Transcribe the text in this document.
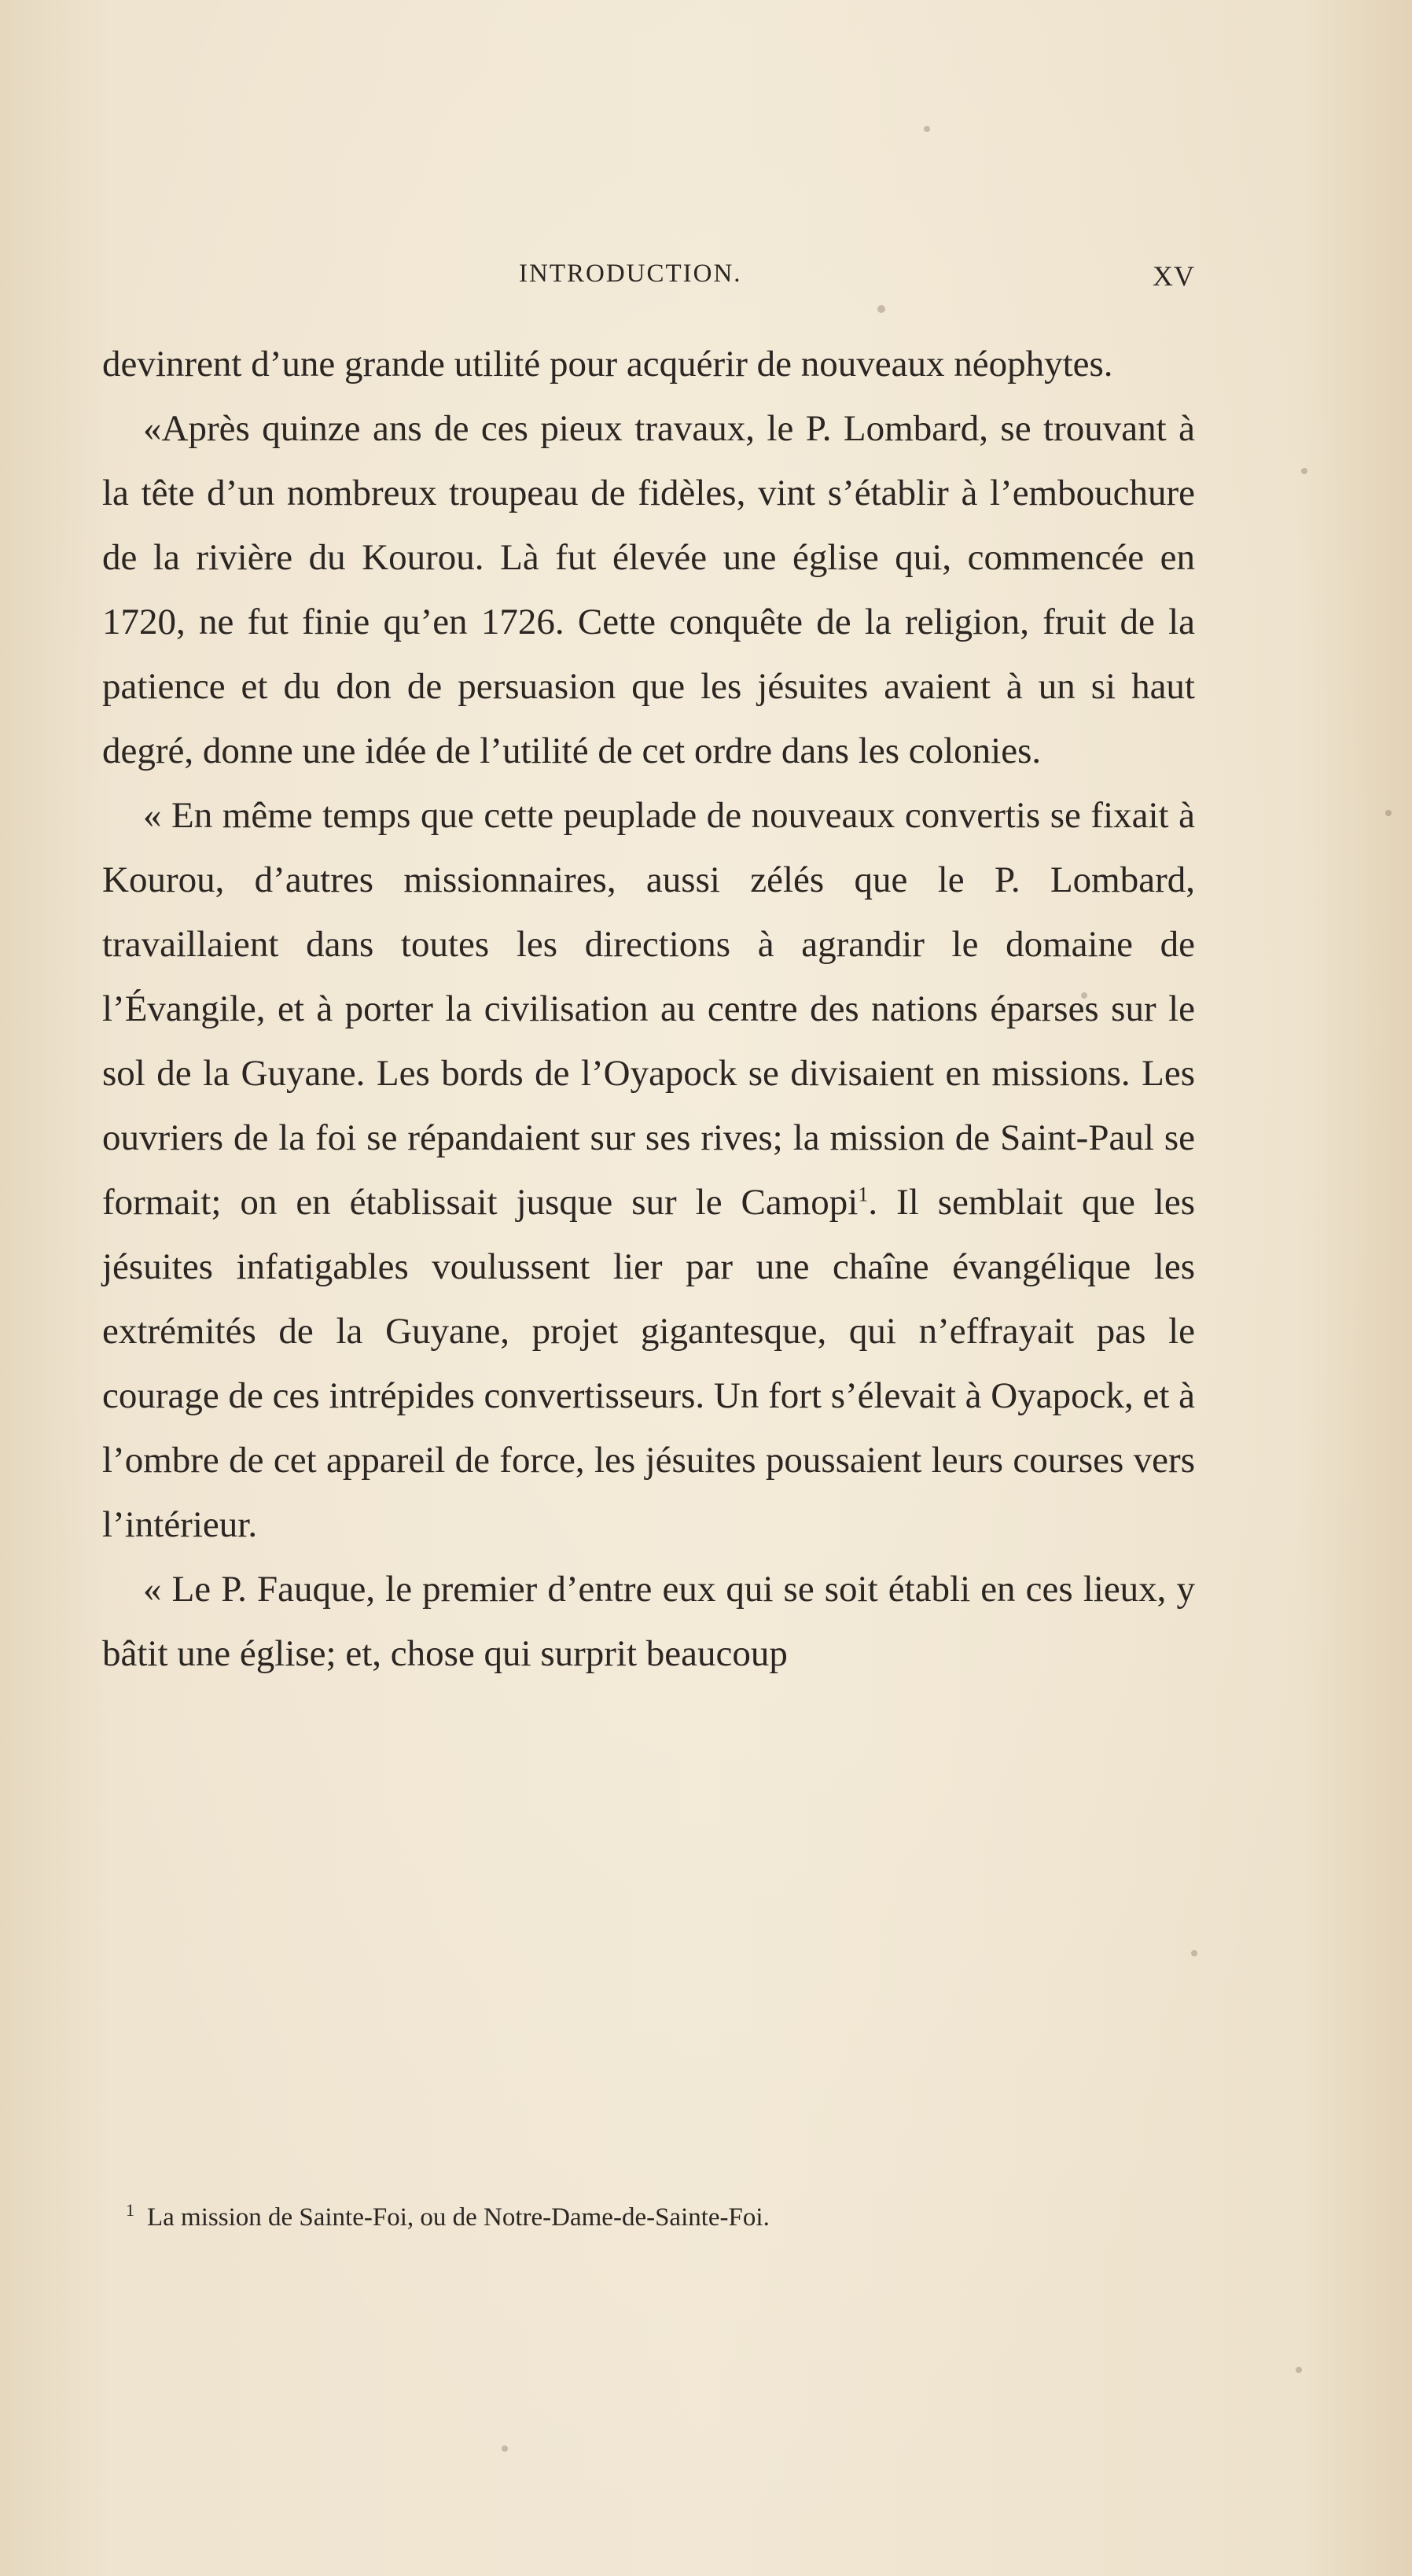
INTRODUCTION.	XV

devinrent d’une grande utilité pour acquérir de nouveaux néophytes.

«Après quinze ans de ces pieux travaux, le P. Lombard, se trouvant à la tête d’un nombreux troupeau de fidèles, vint s’établir à l’embouchure de la rivière du Kourou. Là fut élevée une église qui, commencée en 1720, ne fut finie qu’en 1726. Cette conquête de la religion, fruit de la patience et du don de persuasion que les jésuites avaient à un si haut degré, donne une idée de l’utilité de cet ordre dans les colonies.

« En même temps que cette peuplade de nouveaux convertis se fixait à Kourou, d’autres missionnaires, aussi zélés que le P. Lombard, travaillaient dans toutes les directions à agrandir le domaine de l’Évangile, et à porter la civilisation au centre des nations éparses sur le sol de la Guyane. Les bords de l’Oyapock se divisaient en missions. Les ouvriers de la foi se répandaient sur ses rives; la mission de Saint-Paul se formait; on en établissait jusque sur le Camopi$^1$. Il semblait que les jésuites infatigables voulussent lier par une chaîne évangélique les extrémités de la Guyane, projet gigantesque, qui n’effrayait pas le courage de ces intrépides convertisseurs. Un fort s’élevait à Oyapock, et à l’ombre de cet appareil de force, les jésuites poussaient leurs courses vers l’intérieur.

« Le P. Fauque, le premier d’entre eux qui se soit établi en ces lieux, y bâtit une église; et, chose qui surprit beaucoup

$^1$ La mission de Sainte-Foi, ou de Notre-Dame-de-Sainte-Foi.
